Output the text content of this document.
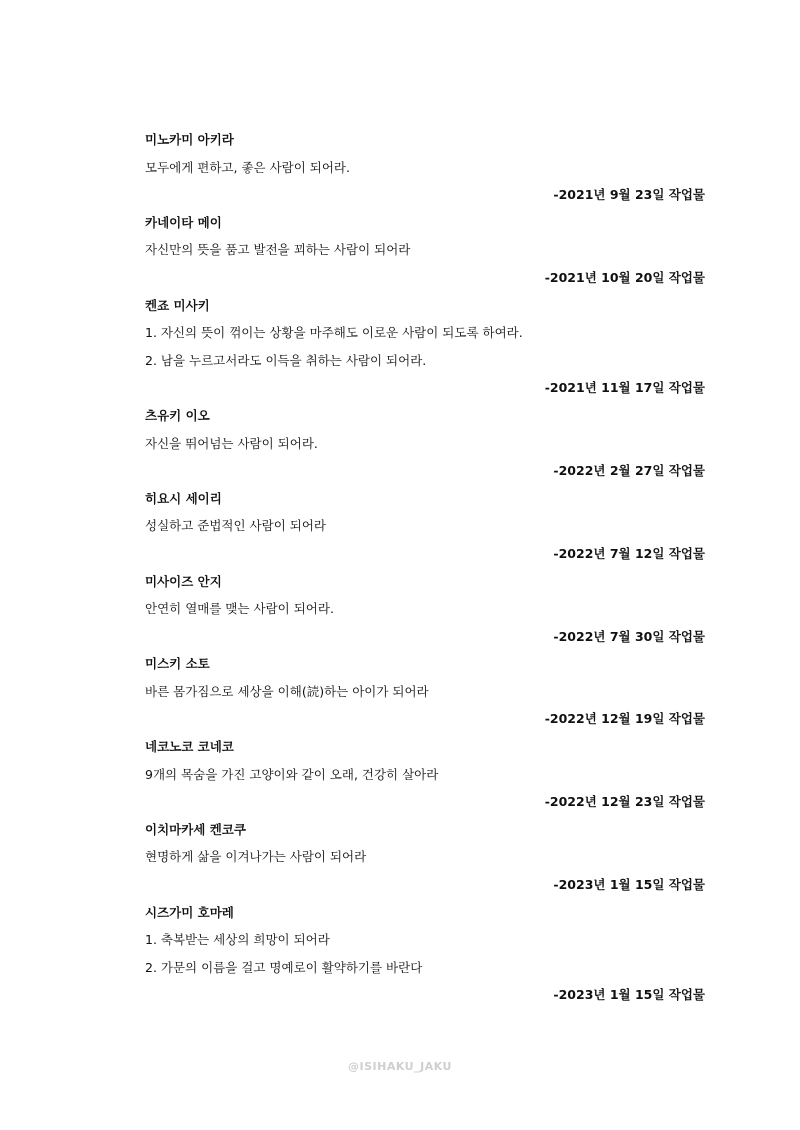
미노카미 아키라
모두에게 편하고, 좋은 사람이 되어라.
-2021년 9월 23일 작업물
카네이타 메이
자신만의 뜻을 품고 발전을 꾀하는 사람이 되어라
-2021년 10월 20일 작업물
켄죠 미사키
1. 자신의 뜻이 꺾이는 상황을 마주해도 이로운 사람이 되도록 하여라.
2. 남을 누르고서라도 이득을 취하는 사람이 되어라.
-2021년 11월 17일 작업물
츠유키 이오
자신을 뛰어넘는 사람이 되어라.
-2022년 2월 27일 작업물
히요시 세이리
성실하고 준법적인 사람이 되어라
-2022년 7월 12일 작업물
미사이즈 안지
안연히 열매를 맺는 사람이 되어라.
-2022년 7월 30일 작업물
미스키 소토
바른 몸가짐으로 세상을 이해(読)하는 아이가 되어라
-2022년 12월 19일 작업물
네코노코 코네코
9개의 목숨을 가진 고양이와 같이 오래, 건강히 살아라
-2022년 12월 23일 작업물
이치마카세 켄코쿠
현명하게 삶을 이겨나가는 사람이 되어라
-2023년 1월 15일 작업물
시즈가미 호마레
1. 축복받는 세상의 희망이 되어라
2. 가문의 이름을 걸고 명예로이 활약하기를 바란다
-2023년 1월 15일 작업물
@ISIHAKU_JAKU
